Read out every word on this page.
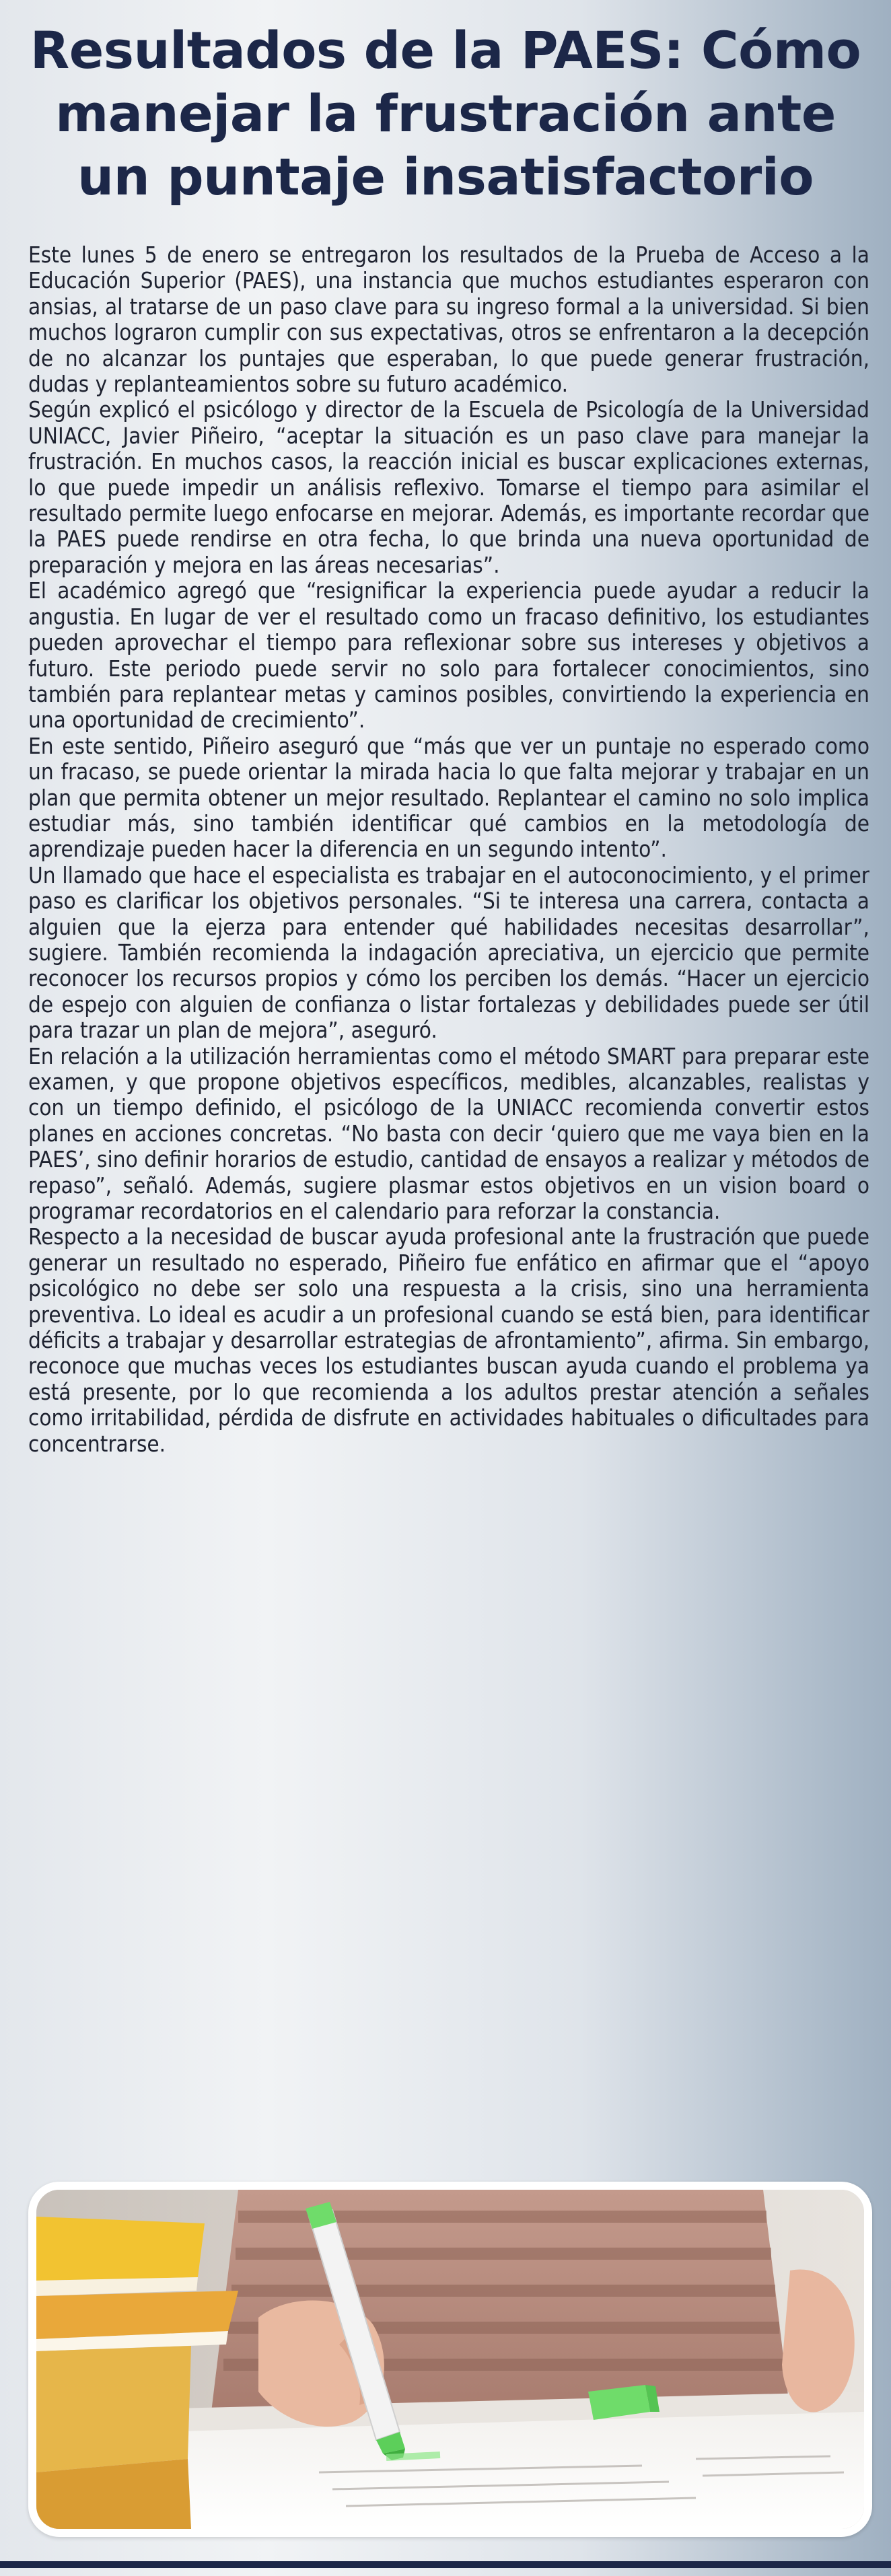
Resultados de la PAES: Cómo manejar la frustración ante un puntaje insatisfactorio

Este lunes 5 de enero se entregaron los resultados de la Prueba de Acceso a la Educación Superior (PAES), una instancia que muchos estudiantes esperaron con ansias, al tratarse de un paso clave para su ingreso formal a la universidad. Si bien muchos lograron cumplir con sus expectativas, otros se enfrentaron a la decepción de no alcanzar los puntajes que esperaban, lo que puede generar frustración, dudas y replanteamientos sobre su futuro académico.

Según explicó el psicólogo y director de la Escuela de Psicología de la Universidad UNIACC, Javier Piñeiro, “aceptar la situación es un paso clave para manejar la frustración. En muchos casos, la reacción inicial es buscar explicaciones externas, lo que puede impedir un análisis reflexivo. Tomarse el tiempo para asimilar el resultado permite luego enfocarse en mejorar. Además, es importante recordar que la PAES puede rendirse en otra fecha, lo que brinda una nueva oportunidad de preparación y mejora en las áreas necesarias”.

El académico agregó que “resignificar la experiencia puede ayudar a reducir la angustia. En lugar de ver el resultado como un fracaso definitivo, los estudiantes pueden aprovechar el tiempo para reflexionar sobre sus intereses y objetivos a futuro. Este periodo puede servir no solo para fortalecer conocimientos, sino también para replantear metas y caminos posibles, convirtiendo la experiencia en una oportunidad de crecimiento”.

En este sentido, Piñeiro aseguró que “más que ver un puntaje no esperado como un fracaso, se puede orientar la mirada hacia lo que falta mejorar y trabajar en un plan que permita obtener un mejor resultado. Replantear el camino no solo implica estudiar más, sino también identificar qué cambios en la metodología de aprendizaje pueden hacer la diferencia en un segundo intento”.

Un llamado que hace el especialista es trabajar en el autoconocimiento, y el primer paso es clarificar los objetivos personales. “Si te interesa una carrera, contacta a alguien que la ejerza para entender qué habilidades necesitas desarrollar”, sugiere. También recomienda la indagación apreciativa, un ejercicio que permite reconocer los recursos propios y cómo los perciben los demás. “Hacer un ejercicio de espejo con alguien de confianza o listar fortalezas y debilidades puede ser útil para trazar un plan de mejora”, aseguró.

En relación a la utilización herramientas como el método SMART para preparar este examen, y que propone objetivos específicos, medibles, alcanzables, realistas y con un tiempo definido, el psicólogo de la UNIACC recomienda convertir estos planes en acciones concretas. “No basta con decir ‘quiero que me vaya bien en la PAES’, sino definir horarios de estudio, cantidad de ensayos a realizar y métodos de repaso”, señaló. Además, sugiere plasmar estos objetivos en un vision board o programar recordatorios en el calendario para reforzar la constancia.

Respecto a la necesidad de buscar ayuda profesional ante la frustración que puede generar un resultado no esperado, Piñeiro fue enfático en afirmar que el “apoyo psicológico no debe ser solo una respuesta a la crisis, sino una herramienta preventiva. Lo ideal es acudir a un profesional cuando se está bien, para identificar déficits a trabajar y desarrollar estrategias de afrontamiento”, afirma. Sin embargo, reconoce que muchas veces los estudiantes buscan ayuda cuando el problema ya está presente, por lo que recomienda a los adultos prestar atención a señales como irritabilidad, pérdida de disfrute en actividades habituales o dificultades para concentrarse.
